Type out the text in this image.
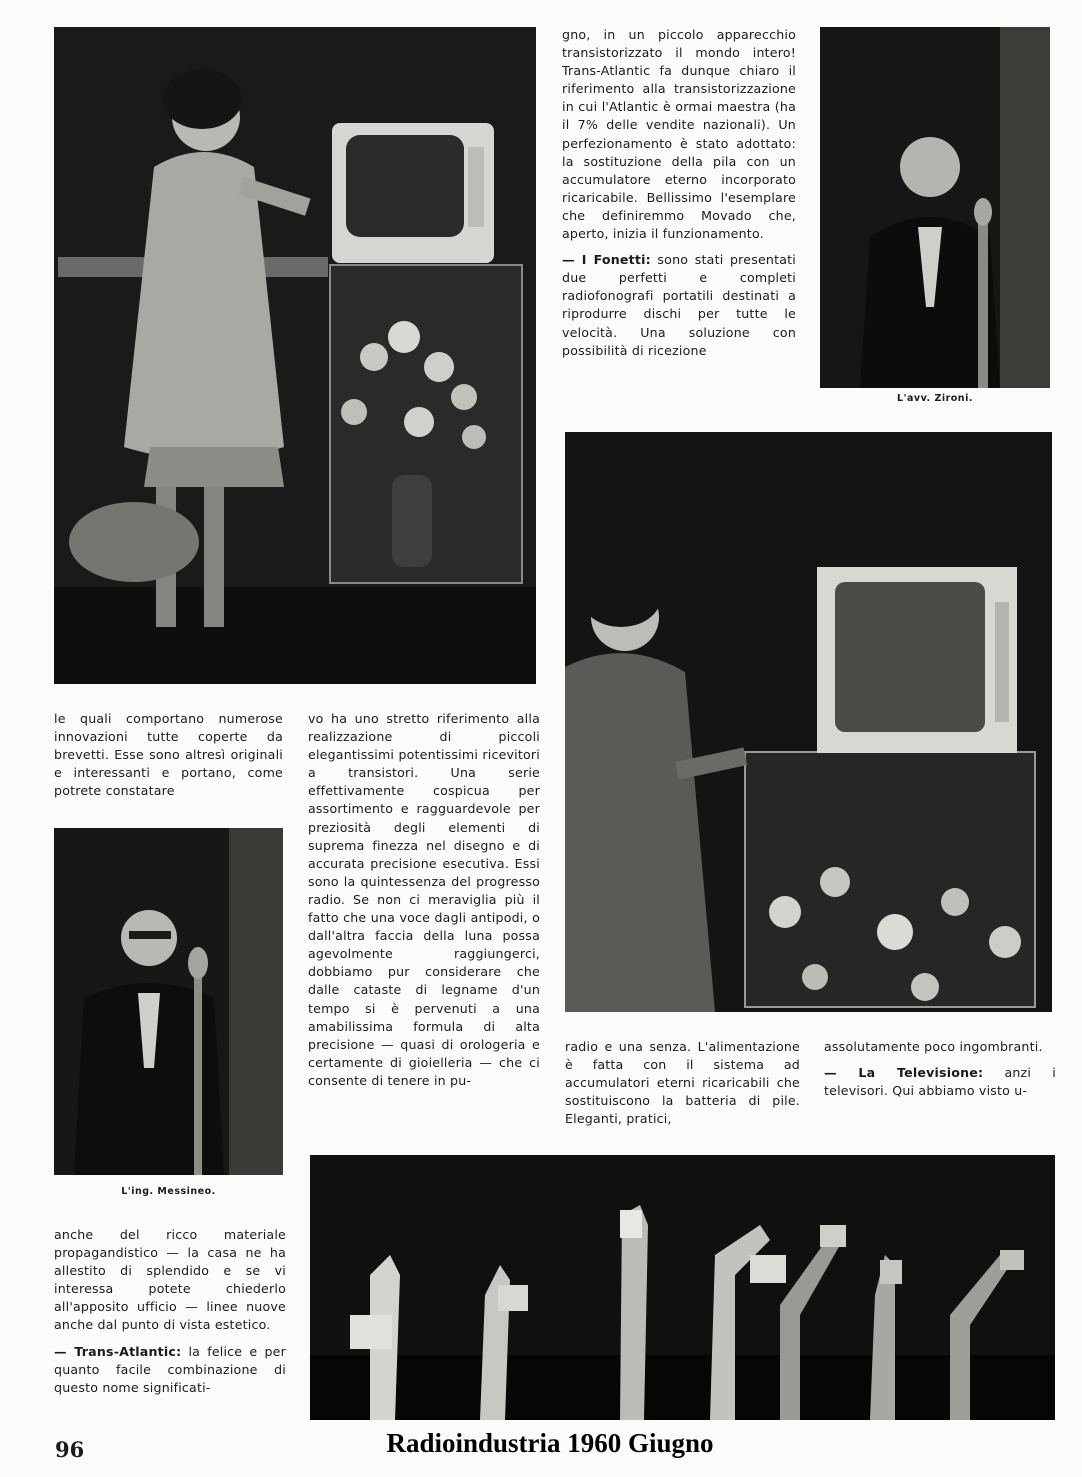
gno, in un piccolo apparecchio transistorizzato il mondo intero! Trans-Atlantic fa dunque chiaro il riferimento alla transistorizzazione in cui l'Atlantic è ormai maestra (ha il 7% delle vendite nazionali). Un perfezionamento è stato adottato: la sostituzione della pila con un accumulatore eterno incorporato ricaricabile. Bellissimo l'esemplare che definiremmo Movado che, aperto, inizia il funzionamento.

— I Fonetti: sono stati presentati due perfetti e completi radiofonografi portatili destinati a riprodurre dischi per tutte le velocità. Una soluzione con possibilità di ricezione

L'avv. Zironi.

le quali comportano numerose innovazioni tutte coperte da brevetti. Esse sono altresì originali e interessanti e portano, come potrete constatare

vo ha uno stretto riferimento alla realizzazione di piccoli elegantissimi potentissimi ricevitori a transistori. Una serie effettivamente cospicua per assortimento e ragguardevole per preziosità degli elementi di suprema finezza nel disegno e di accurata precisione esecutiva. Essi sono la quintessenza del progresso radio. Se non ci meraviglia più il fatto che una voce dagli antipodi, o dall'altra faccia della luna possa agevolmente raggiungerci, dobbiamo pur considerare che dalle cataste di legname d'un tempo si è pervenuti a una amabilissima formula di alta precisione — quasi di orologeria e certamente di gioielleria — che ci consente di tenere in pu-

L'ing. Messineo.

radio e una senza. L'alimentazione è fatta con il sistema ad accumulatori eterni ricaricabili che sostituiscono la batteria di pile. Eleganti, pratici,

assolutamente poco ingombranti.

— La Televisione: anzi i televisori. Qui abbiamo visto u-

anche del ricco materiale propagandistico — la casa ne ha allestito di splendido e se vi interessa potete chiederlo all'apposito ufficio — linee nuove anche dal punto di vista estetico.

— Trans-Atlantic: la felice e per quanto facile combinazione di questo nome significati-

96	Radioindustria 1960 Giugno
